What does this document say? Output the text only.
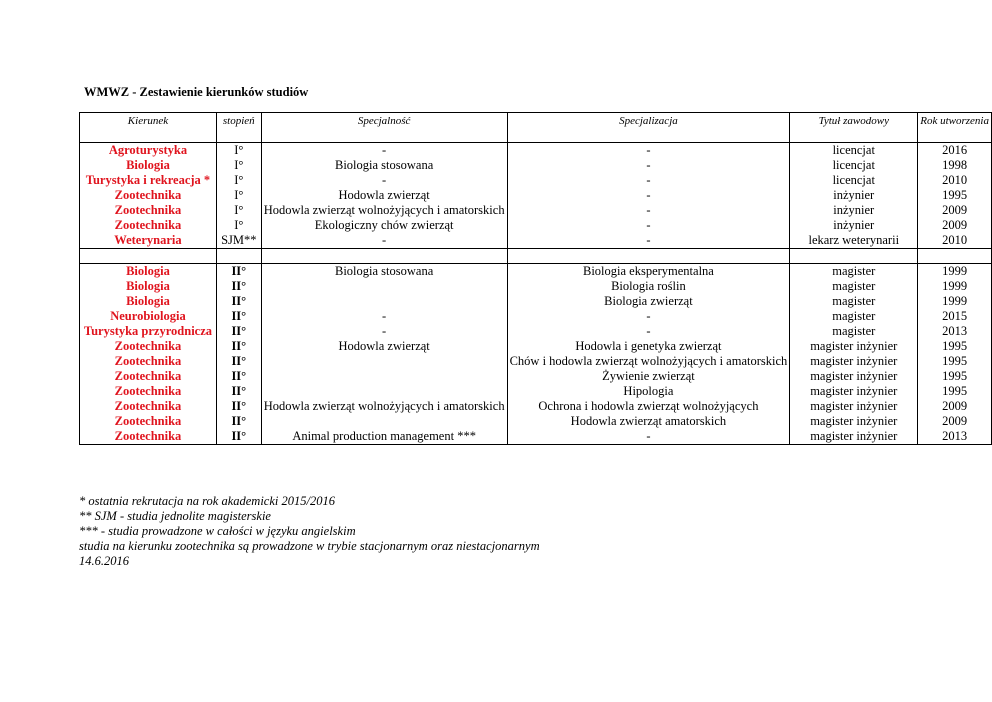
WMWZ - Zestawienie kierunków studiów
Kierunek	stopień	Specjalność	Specjalizacja	Tytuł zawodowy	Rok utworzenia
Agroturystyka	I°	-	-	licencjat	2016
Biologia	I°	Biologia stosowana	-	licencjat	1998
Turystyka i rekreacja *	I°	-	-	licencjat	2010
Zootechnika	I°	Hodowla zwierząt	-	inżynier	1995
Zootechnika	I°	Hodowla zwierząt wolnożyjących i amatorskich	-	inżynier	2009
Zootechnika	I°	Ekologiczny chów zwierząt	-	inżynier	2009
Weterynaria	SJM**	-	-	lekarz weterynarii	2010

Biologia	II°	Biologia stosowana	Biologia eksperymentalna	magister	1999
Biologia	II°		Biologia roślin	magister	1999
Biologia	II°		Biologia zwierząt	magister	1999
Neurobiologia	II°	-	-	magister	2015
Turystyka przyrodnicza	II°	-	-	magister	2013
Zootechnika	II°	Hodowla zwierząt	Hodowla i genetyka zwierząt	magister inżynier	1995
Zootechnika	II°		Chów i hodowla zwierząt wolnożyjących i amatorskich	magister inżynier	1995
Zootechnika	II°		Żywienie zwierząt	magister inżynier	1995
Zootechnika	II°		Hipologia	magister inżynier	1995
Zootechnika	II°	Hodowla zwierząt wolnożyjących i amatorskich	Ochrona i hodowla zwierząt wolnożyjących	magister inżynier	2009
Zootechnika	II°		Hodowla zwierząt amatorskich	magister inżynier	2009
Zootechnika	II°	Animal production management ***	-	magister inżynier	2013
* ostatnia rekrutacja na rok akademicki 2015/2016
** SJM - studia jednolite magisterskie
*** - studia prowadzone w całości w języku angielskim
studia na kierunku zootechnika są prowadzone w trybie stacjonarnym oraz niestacjonarnym
14.6.2016
